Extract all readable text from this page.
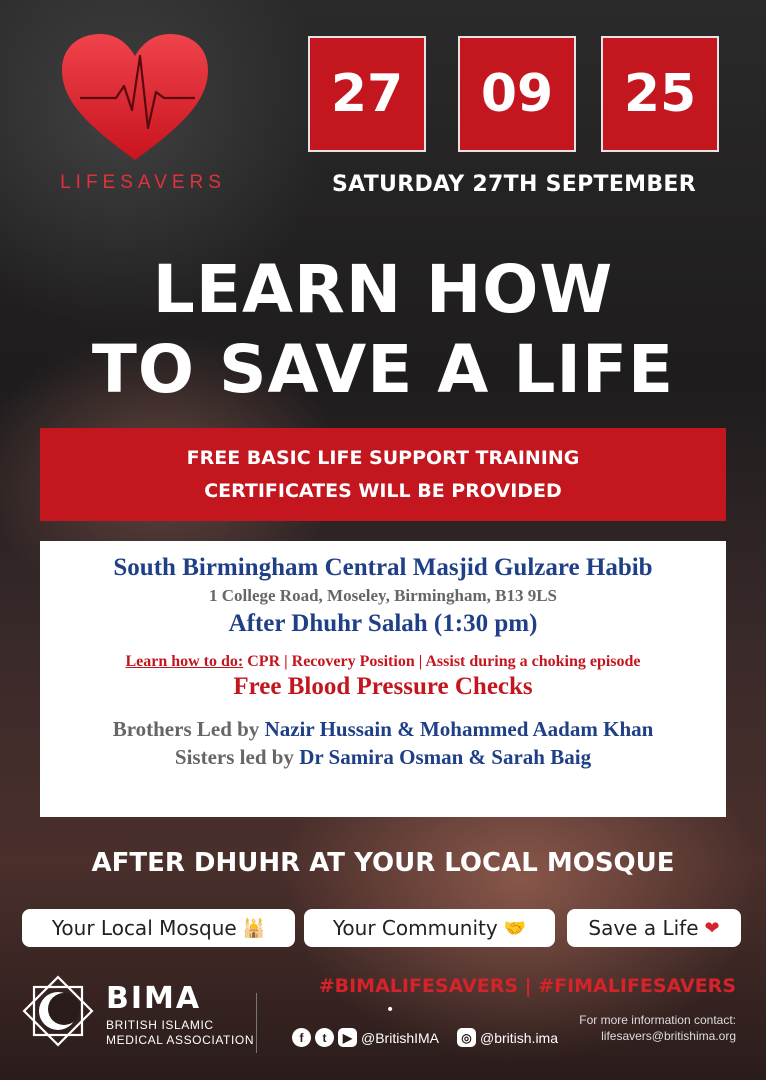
LIFESAVERS
27	09	25
SATURDAY 27TH SEPTEMBER
LEARN HOW
TO SAVE A LIFE
FREE BASIC LIFE SUPPORT TRAINING
CERTIFICATES WILL BE PROVIDED
South Birmingham Central Masjid Gulzare Habib
1 College Road, Moseley, Birmingham, B13 9LS
After Dhuhr Salah (1:30 pm)
Learn how to do: CPR | Recovery Position | Assist during a choking episode
Free Blood Pressure Checks
Brothers Led by Nazir Hussain & Mohammed Aadam Khan
Sisters led by Dr Samira Osman & Sarah Baig
AFTER DHUHR AT YOUR LOCAL MOSQUE
Your Local Mosque 🕌	Your Community 🤝	Save a Life ❤
BIMA
BRITISH ISLAMIC
MEDICAL ASSOCIATION
#BIMALIFESAVERS | #FIMALIFESAVERS
•
f	t	▶ @BritishIMA	◎ @british.ima
For more information contact:
lifesavers@britishima.org
